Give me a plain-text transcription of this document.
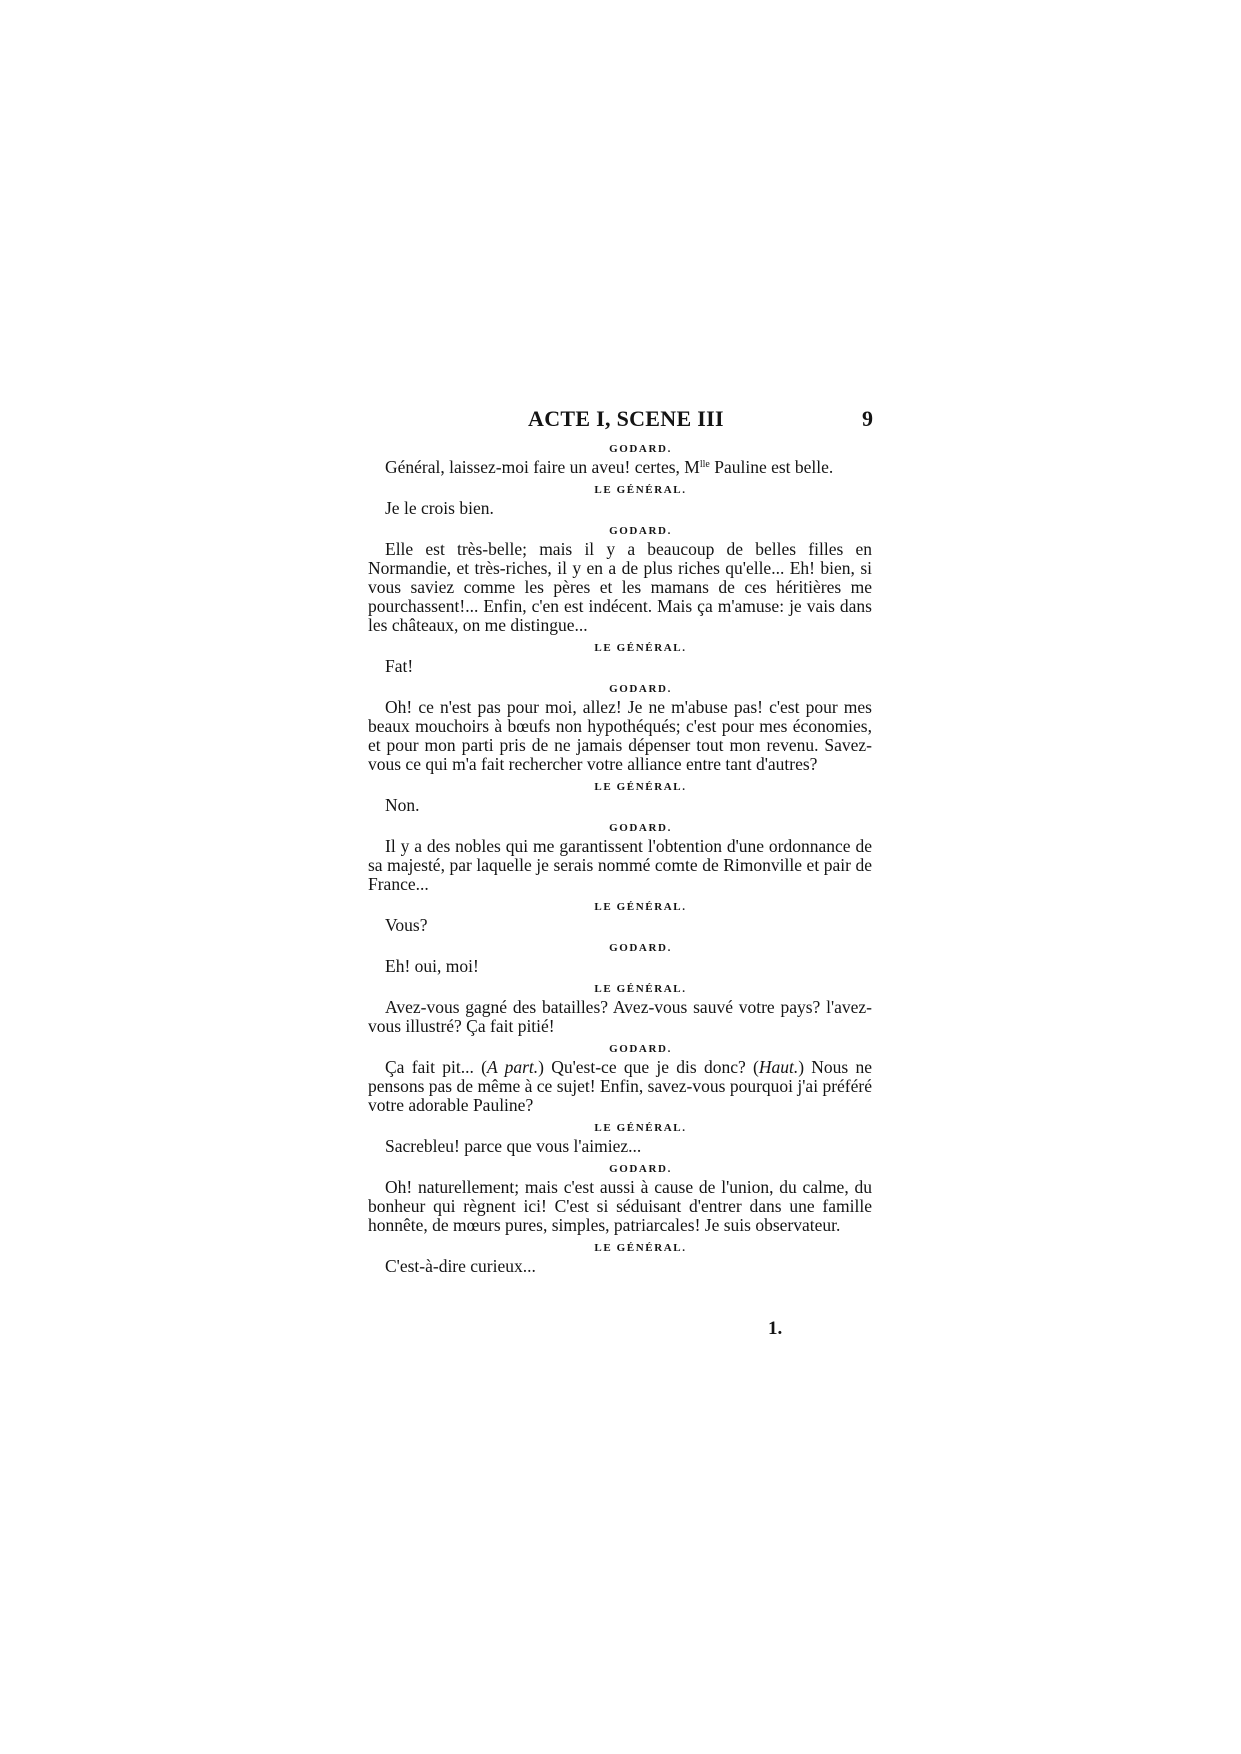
ACTE I, SCENE III	9

GODARD.

Général, laissez-moi faire un aveu! certes, $M^{lle}$ Pauline est belle.

LE GÉNÉRAL.

Je le crois bien.

GODARD.

Elle est très-belle; mais il y a beaucoup de belles filles en Normandie, et très-riches, il y en a de plus riches qu'elle... Eh! bien, si vous saviez comme les pères et les mamans de ces héritières me pourchassent!... Enfin, c'en est indécent. Mais ça m'amuse: je vais dans les châteaux, on me distingue...

LE GÉNÉRAL.

Fat!

GODARD.

Oh! ce n'est pas pour moi, allez! Je ne m'abuse pas! c'est pour mes beaux mouchoirs à bœufs non hypothéqués; c'est pour mes économies, et pour mon parti pris de ne jamais dépenser tout mon revenu. Savez-vous ce qui m'a fait rechercher votre alliance entre tant d'autres?

LE GÉNÉRAL.

Non.

GODARD.

Il y a des nobles qui me garantissent l'obtention d'une ordonnance de sa majesté, par laquelle je serais nommé comte de Rimonville et pair de France...

LE GÉNÉRAL.

Vous?

GODARD.

Eh! oui, moi!

LE GÉNÉRAL.

Avez-vous gagné des batailles? Avez-vous sauvé votre pays? l'avez-vous illustré? Ça fait pitié!

GODARD.

Ça fait pit... (A part.) Qu'est-ce que je dis donc? (Haut.) Nous ne pensons pas de même à ce sujet! Enfin, savez-vous pourquoi j'ai préféré votre adorable Pauline?

LE GÉNÉRAL.

Sacrebleu! parce que vous l'aimiez...

GODARD.

Oh! naturellement; mais c'est aussi à cause de l'union, du calme, du bonheur qui règnent ici! C'est si séduisant d'entrer dans une famille honnête, de mœurs pures, simples, patriarcales! Je suis observateur.

LE GÉNÉRAL.

C'est-à-dire curieux...

1.
